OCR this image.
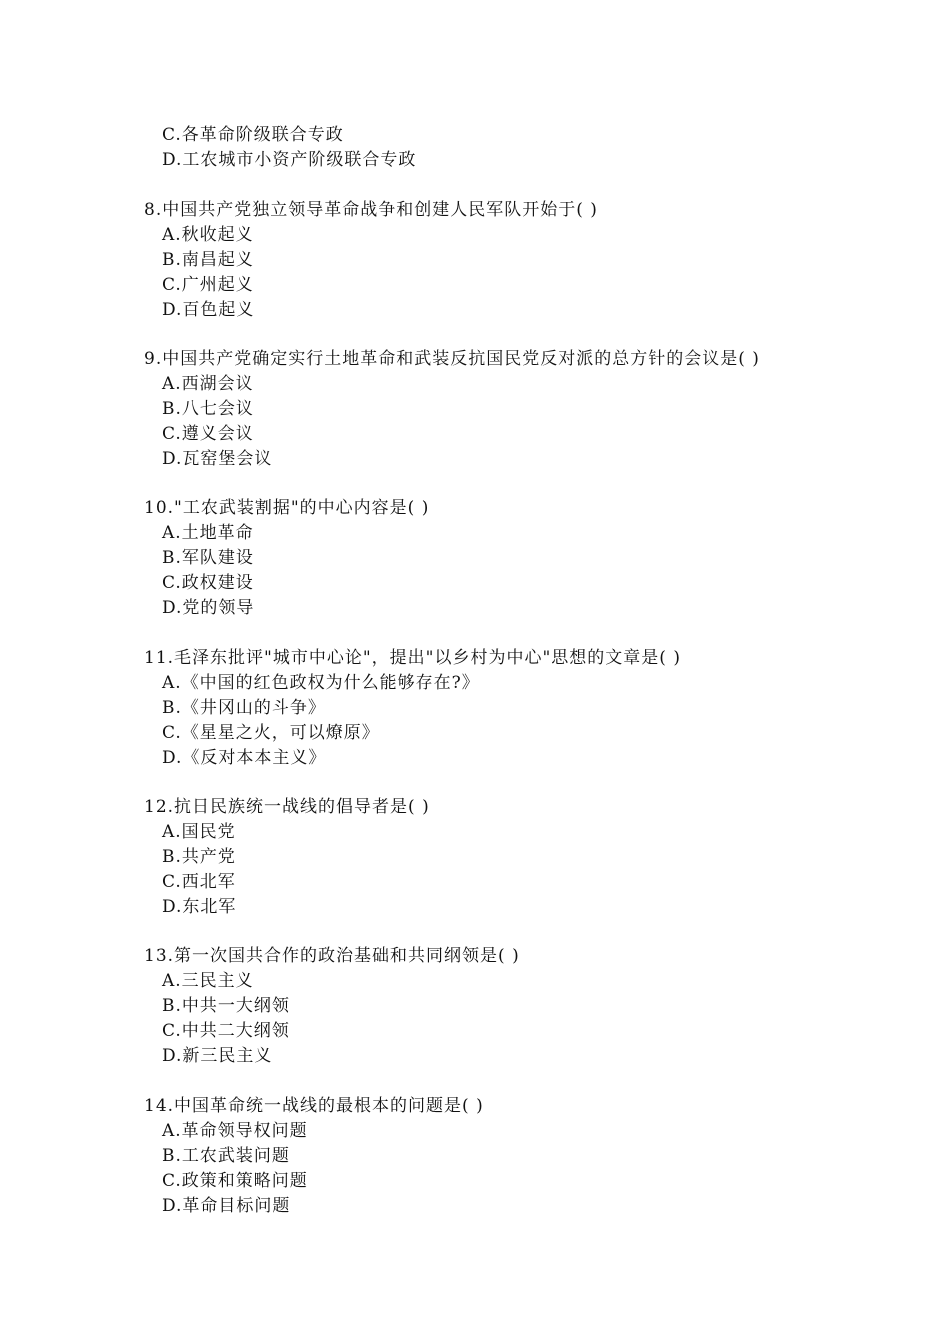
C.各革命阶级联合专政
D.工农城市小资产阶级联合专政
8.中国共产党独立领导革命战争和创建人民军队开始于( )
A.秋收起义
B.南昌起义
C.广州起义
D.百色起义
9.中国共产党确定实行土地革命和武装反抗国民党反对派的总方针的会议是( )
A.西湖会议
B.八七会议
C.遵义会议
D.瓦窑堡会议
10."工农武装割据"的中心内容是( )
A.土地革命
B.军队建设
C.政权建设
D.党的领导
11.毛泽东批评"城市中心论"，提出"以乡村为中心"思想的文章是( )
A.《中国的红色政权为什么能够存在?》
B.《井冈山的斗争》
C.《星星之火，可以燎原》
D.《反对本本主义》
12.抗日民族统一战线的倡导者是( )
A.国民党
B.共产党
C.西北军
D.东北军
13.第一次国共合作的政治基础和共同纲领是( )
A.三民主义
B.中共一大纲领
C.中共二大纲领
D.新三民主义
14.中国革命统一战线的最根本的问题是( )
A.革命领导权问题
B.工农武装问题
C.政策和策略问题
D.革命目标问题
